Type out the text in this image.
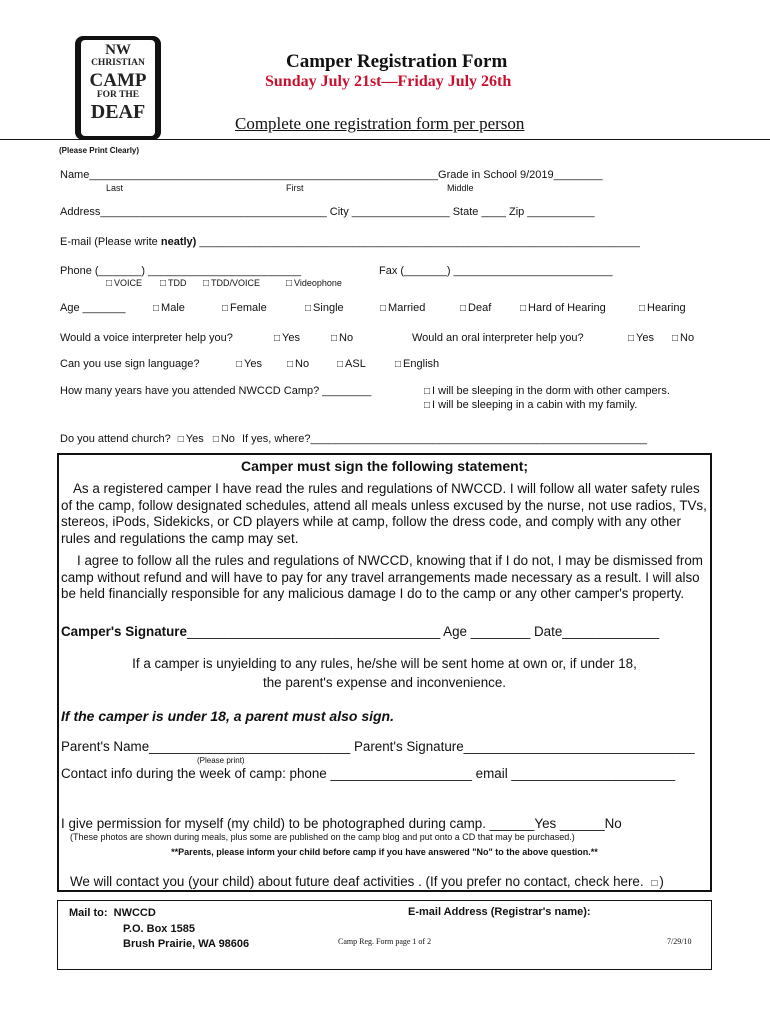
NW
CHRISTIAN
CAMP
FOR THE
DEAF
Camper Registration Form
Sunday July 21st—Friday July 26th
Complete one registration form per person
(Please Print Clearly)
Name_________________________________________________________Grade in School 9/2019________
Last	First	Middle
Address_____________________________________ City ________________ State ____ Zip ___________
E-mail (Please write neatly) ________________________________________________________________________
Phone (_______) _________________________	Fax (_______) __________________________
□ VOICE	□ TDD	□ TDD/VOICE	□ Videophone
Age _______	□ Male	□ Female	□ Single	□ Married	□ Deaf	□ Hard of Hearing	□ Hearing
Would a voice interpreter help you?	□ Yes	□ No	Would an oral interpreter help you?	□ Yes	□ No
Can you use sign language?	□ Yes	□ No	□ ASL	□ English
How many years have you attended NWCCD Camp? ________	□ I will be sleeping in the dorm with other campers.
□ I will be sleeping in a cabin with my family.
Do you attend church? □ Yes □ No If yes, where?_______________________________________________________
Camper must sign the following statement;
As a registered camper I have read the rules and regulations of NWCCD. I will follow all water safety rules of the camp, follow designated schedules, attend all meals unless excused by the nurse, not use radios, TVs, stereos, iPods, Sidekicks, or CD players while at camp, follow the dress code, and comply with any other rules and regulations the camp may set.
I agree to follow all the rules and regulations of NWCCD, knowing that if I do not, I may be dismissed from camp without refund and will have to pay for any travel arrangements made necessary as a result. I will also be held financially responsible for any malicious damage I do to the camp or any other camper's property.
Camper's Signature__________________________________ Age ________ Date_____________
If a camper is unyielding to any rules, he/she will be sent home at own or, if under 18,
the parent's expense and inconvenience.
If the camper is under 18, a parent must also sign.
Parent's Name___________________________ Parent's Signature_______________________________
(Please print)
Contact info during the week of camp: phone ___________________ email ______________________
I give permission for myself (my child) to be photographed during camp. ______Yes ______No
(These photos are shown during meals, plus some are published on the camp blog and put onto a CD that may be purchased.)
**Parents, please inform your child before camp if you have answered "No" to the above question.**
We will contact you (your child) about future deaf activities . (If you prefer no contact, check here. □ )
Mail to: NWCCD
P.O. Box 1585
Brush Prairie, WA 98606
E-mail Address (Registrar's name):
Camp Reg. Form page 1 of 2	7/29/10
